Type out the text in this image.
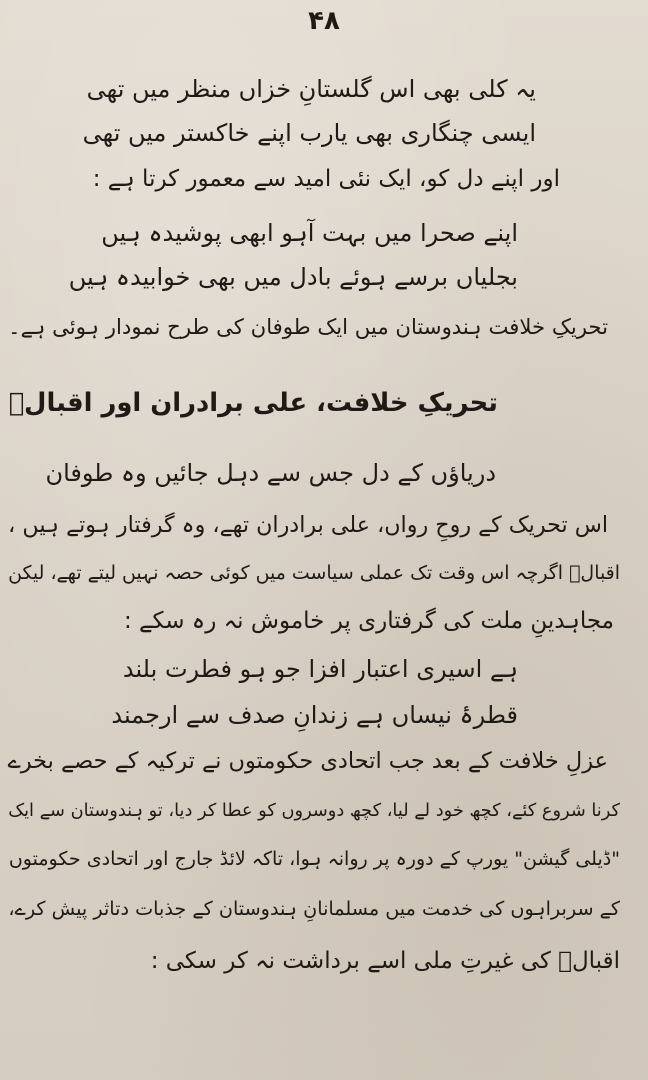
۴۸
یہ کلی بھی اس گلستانِ خزاں منظر میں تھی
ایسی چنگاری بھی یارب اپنے خاکستر میں تھی
اور اپنے دل کو، ایک نئی امید سے معمور کرتا ہے :
اپنے صحرا میں بہت آہو ابھی پوشیدہ ہیں
بجلیاں برسے ہوئے بادل میں بھی خوابیدہ ہیں
تحریکِ خلافت ہندوستان میں ایک طوفان کی طرح نمودار ہوئی ہے۔
تحریکِ خلافت، علی برادران اور اقبالؔ
دریاؤں کے دل جس سے دہل جائیں وہ طوفان
اس تحریک کے روحِ رواں، علی برادران تھے، وہ گرفتار ہوتے ہیں ،
اقبالؔ اگرچہ اس وقت تک عملی سیاست میں کوئی حصہ نہیں لیتے تھے، لیکن
مجاہدینِ ملت کی گرفتاری پر خاموش نہ رہ سکے :
ہے اسیری اعتبار افزا جو ہو فطرت بلند
قطرۂ نیساں ہے زندانِ صدف سے ارجمند
عزلِ خلافت کے بعد جب اتحادی حکومتوں نے ترکیہ کے حصے بخرے
کرنا شروع کئے، کچھ خود لے لیا، کچھ دوسروں کو عطا کر دیا، تو ہندوستان سے ایک
"ڈیلی گیشن" یورپ کے دورہ پر روانہ ہوا، تاکہ لائڈ جارج اور اتحادی حکومتوں
کے سربراہوں کی خدمت میں مسلمانانِ ہندوستان کے جذبات دتاثر پیش کرے،
اقبالؔ کی غیرتِ ملی اسے برداشت نہ کر سکی :
